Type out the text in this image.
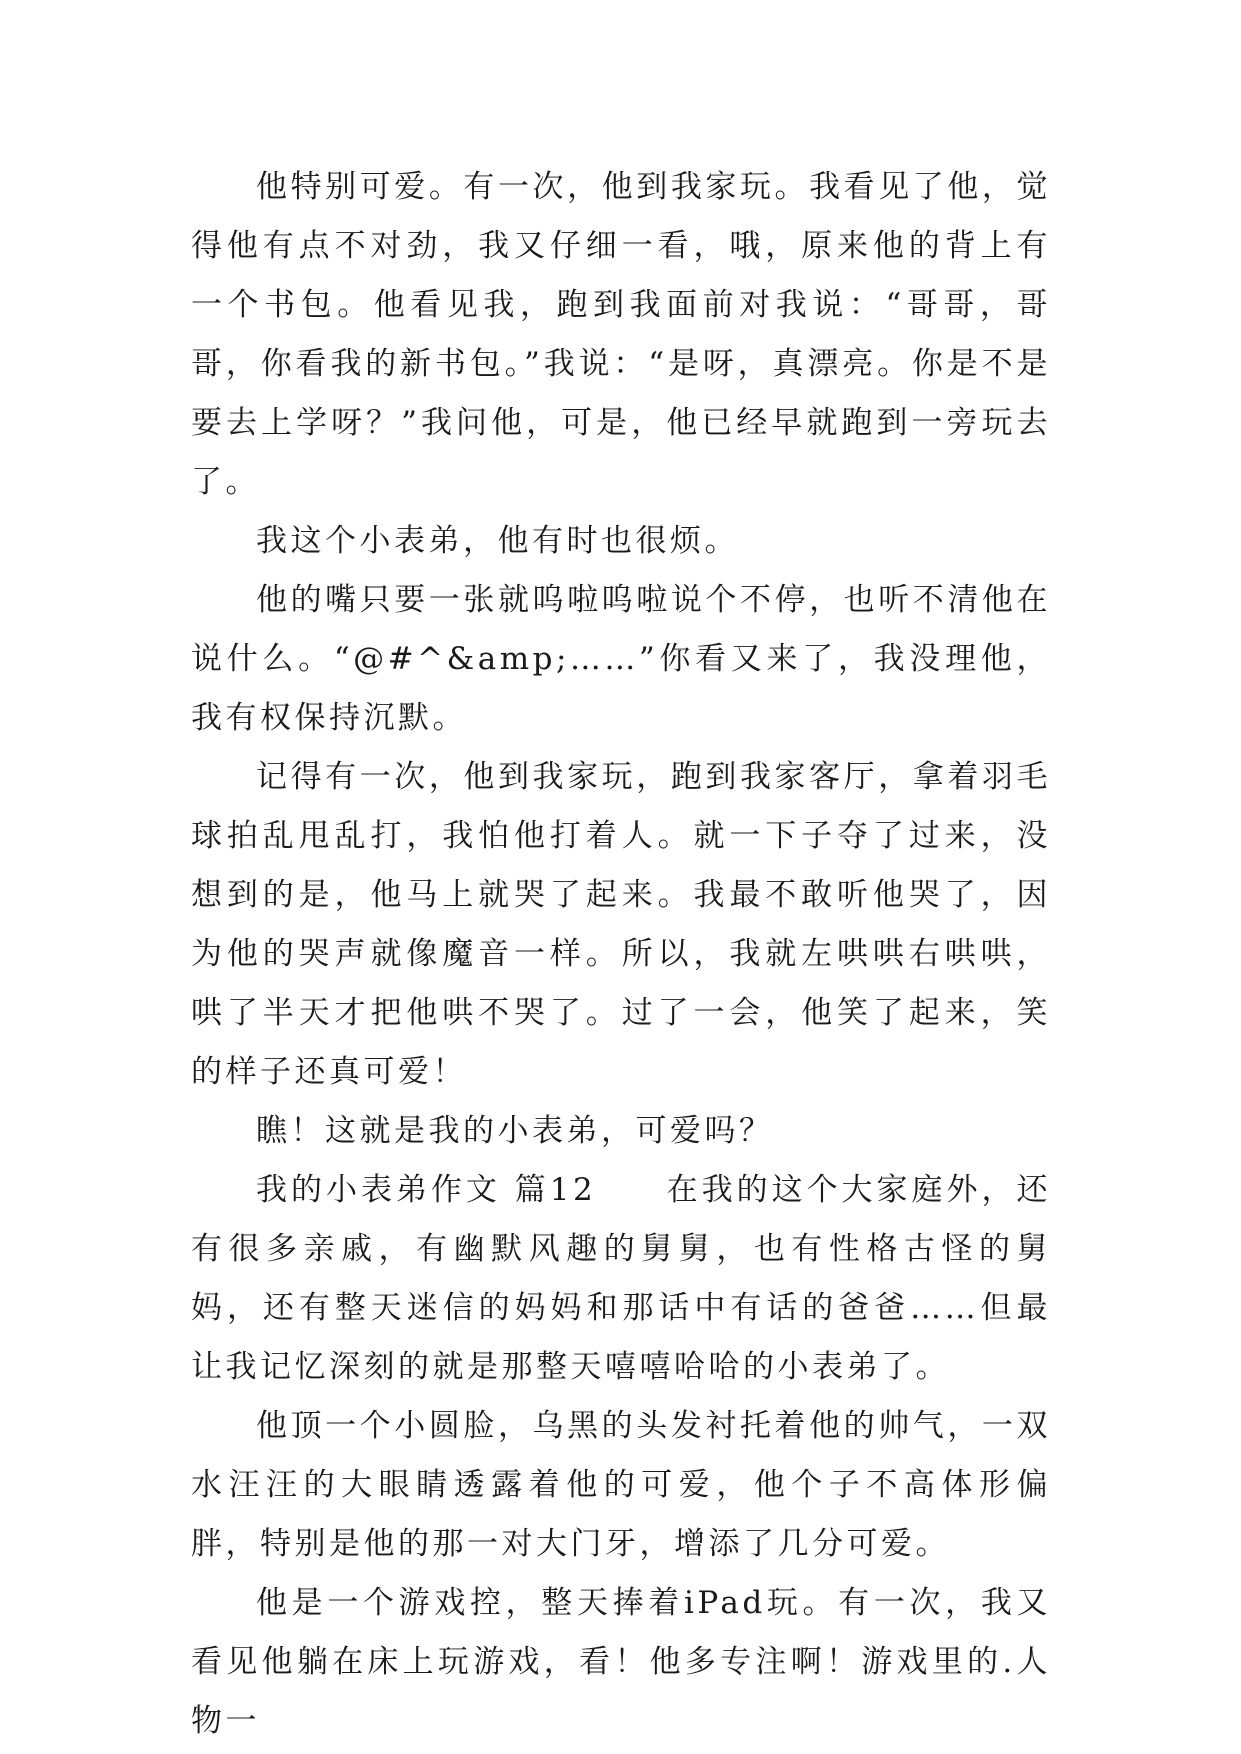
他特别可爱。有一次，他到我家玩。我看见了他，觉得他有点不对劲，我又仔细一看，哦，原来他的背上有一个书包。他看见我，跑到我面前对我说：“哥哥，哥哥，你看我的新书包。”我说：“是呀，真漂亮。你是不是要去上学呀？”我问他，可是，他已经早就跑到一旁玩去了。

我这个小表弟，他有时也很烦。

他的嘴只要一张就呜啦呜啦说个不停，也听不清他在说什么。“@#^&amp;……”你看又来了，我没理他，我有权保持沉默。

记得有一次，他到我家玩，跑到我家客厅，拿着羽毛球拍乱甩乱打，我怕他打着人。就一下子夺了过来，没想到的是，他马上就哭了起来。我最不敢听他哭了，因为他的哭声就像魔音一样。所以，我就左哄哄右哄哄，哄了半天才把他哄不哭了。过了一会，他笑了起来，笑的样子还真可爱！

瞧！这就是我的小表弟，可爱吗？

我的小表弟作文 篇12　　在我的这个大家庭外，还有很多亲戚，有幽默风趣的舅舅，也有性格古怪的舅妈，还有整天迷信的妈妈和那话中有话的爸爸……但最让我记忆深刻的就是那整天嘻嘻哈哈的小表弟了。

他顶一个小圆脸，乌黑的头发衬托着他的帅气，一双水汪汪的大眼睛透露着他的可爱，他个子不高体形偏胖，特别是他的那一对大门牙，增添了几分可爱。

他是一个游戏控，整天捧着iPad玩。有一次，我又看见他躺在床上玩游戏，看！他多专注啊！游戏里的.人物一
